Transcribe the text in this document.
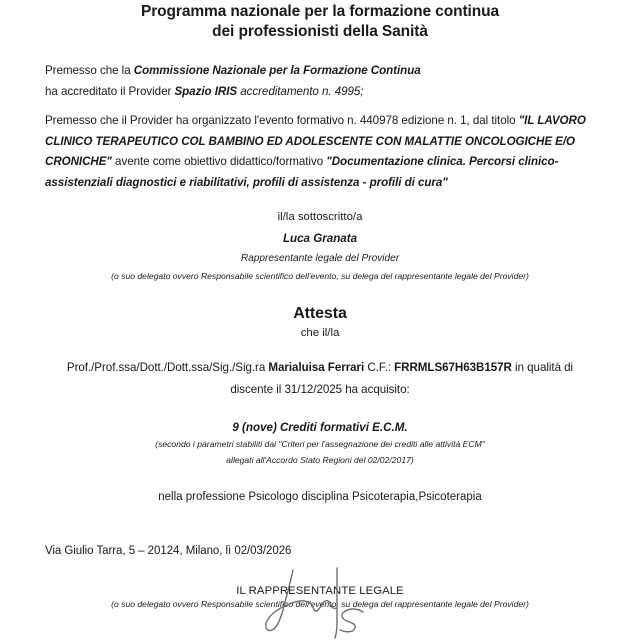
Programma nazionale per la formazione continua
dei professionisti della Sanità

Premesso che la Commissione Nazionale per la Formazione Continua
ha accreditato il Provider Spazio IRIS accreditamento n. 4995;

Premesso che il Provider ha organizzato l'evento formativo n. 440978 edizione n. 1, dal titolo "IL LAVORO CLINICO TERAPEUTICO COL BAMBINO ED ADOLESCENTE CON MALATTIE ONCOLOGICHE E/O CRONICHE" avente come obiettivo didattico/formativo "Documentazione clinica. Percorsi clinico-assistenziali diagnostici e riabilitativi, profili di assistenza - profili di cura"

il/la sottoscritto/a

Luca Granata

Rappresentante legale del Provider

(o suo delegato ovvero Responsabile scientifico dell'evento, su delega del rappresentante legale del Provider)

Attesta

che il/la

Prof./Prof.ssa/Dott./Dott.ssa/Sig./Sig.ra Marialuisa Ferrari C.F.: FRRMLS67H63B157R in qualità di
discente il 31/12/2025 ha acquisito:

9 (nove) Crediti formativi E.C.M.

(secondo i parametri stabiliti dai "Criteri per l'assegnazione dei crediti alle attività ECM"

allegati all'Accordo Stato Regioni del 02/02/2017)

nella professione Psicologo disciplina Psicoterapia,Psicoterapia

Via Giulio Tarra, 5 – 20124, Milano, lì 02/03/2026

IL RAPPRESENTANTE LEGALE

(o suo delegato ovvero Responsabile scientifico dell'evento, su delega del rappresentante legale del Provider)
